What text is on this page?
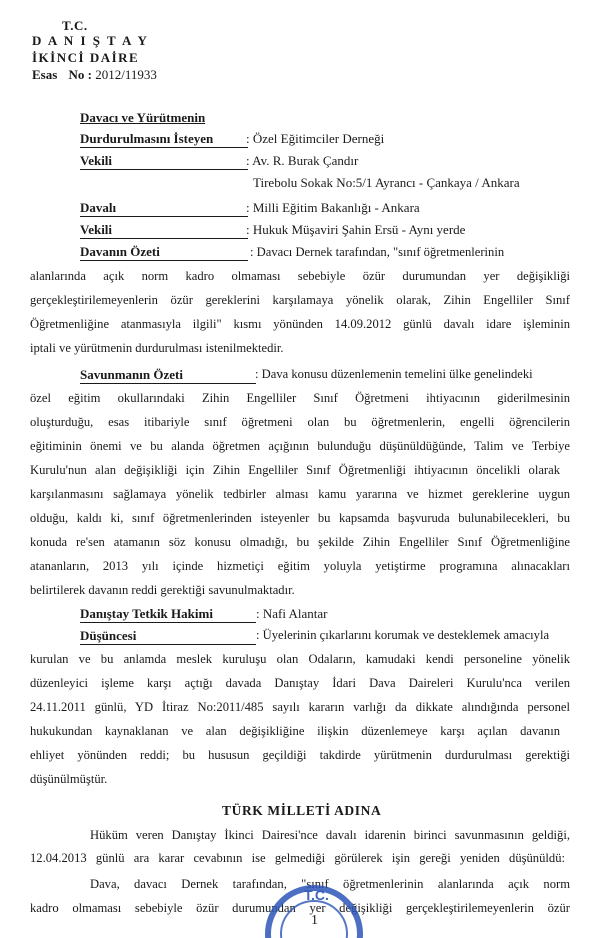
T.C.
D A N I Ş T A Y
İKİNCİ DAİRE
Esas No : 2012/11933
Davacı ve Yürütmenin
Durdurulmasını İsteyen	: Özel Eğitimciler Derneği
Vekili	: Av. R. Burak Çandır
Tirebolu Sokak No:5/1 Ayrancı - Çankaya / Ankara
Davalı	: Milli Eğitim Bakanlığı - Ankara
Vekili	: Hukuk Müşaviri Şahin Ersü - Aynı yerde
Davanın Özeti	: Davacı Dernek tarafından, "sınıf öğretmenlerinin
alanlarında açık norm kadro olmaması sebebiyle özür durumundan yer değişikliği
gerçekleştirilemeyenlerin özür gereklerini karşılamaya yönelik olarak, Zihin Engelliler Sınıf
Öğretmenliğine atanmasıyla ilgili" kısmı yönünden 14.09.2012 günlü davalı idare işleminin
iptali ve yürütmenin durdurulması istenilmektedir.
Savunmanın Özeti	: Dava konusu düzenlemenin temelini ülke genelindeki
özel eğitim okullarındaki Zihin Engelliler Sınıf Öğretmeni ihtiyacının giderilmesinin
oluşturduğu, esas itibariyle sınıf öğretmeni olan bu öğretmenlerin, engelli öğrencilerin
eğitiminin önemi ve bu alanda öğretmen açığının bulunduğu düşünüldüğünde, Talim ve Terbiye
Kurulu'nun alan değişikliği için Zihin Engelliler Sınıf Öğretmenliği ihtiyacının öncelikli olarak
karşılanmasını sağlamaya yönelik tedbirler alması kamu yararına ve hizmet gereklerine uygun
olduğu, kaldı ki, sınıf öğretmenlerinden isteyenler bu kapsamda başvuruda bulunabilecekleri, bu
konuda re'sen atamanın söz konusu olmadığı, bu şekilde Zihin Engelliler Sınıf Öğretmenliğine
atananların, 2013 yılı içinde hizmetiçi eğitim yoluyla yetiştirme programına alınacakları
belirtilerek davanın reddi gerektiği savunulmaktadır.
Danıştay Tetkik Hakimi	: Nafi Alantar
Düşüncesi	: Üyelerinin çıkarlarını korumak ve desteklemek amacıyla
kurulan ve bu anlamda meslek kuruluşu olan Odaların, kamudaki kendi personeline yönelik
düzenleyici işleme karşı açtığı davada Danıştay İdari Dava Daireleri Kurulu'nca verilen
24.11.2011 günlü, YD İtiraz No:2011/485 sayılı kararın varlığı da dikkate alındığında personel
hukukundan kaynaklanan ve alan değişikliğine ilişkin düzenlemeye karşı açılan davanın
ehliyet yönünden reddi; bu hususun geçildiği takdirde yürütmenin durdurulması gerektiği
düşünülmüştür.
TÜRK MİLLETİ ADINA
Hüküm veren Danıştay İkinci Dairesi'nce davalı idarenin birinci savunmasının geldiği,
12.04.2013 günlü ara karar cevabının ise gelmediği görülerek işin gereği yeniden düşünüldü:
Dava, davacı Dernek tarafından, "sınıf öğretmenlerinin alanlarında açık norm
kadro olmaması sebebiyle özür durumundan yer değişikliği gerçekleştirilemeyenlerin özür
T.C.
1
